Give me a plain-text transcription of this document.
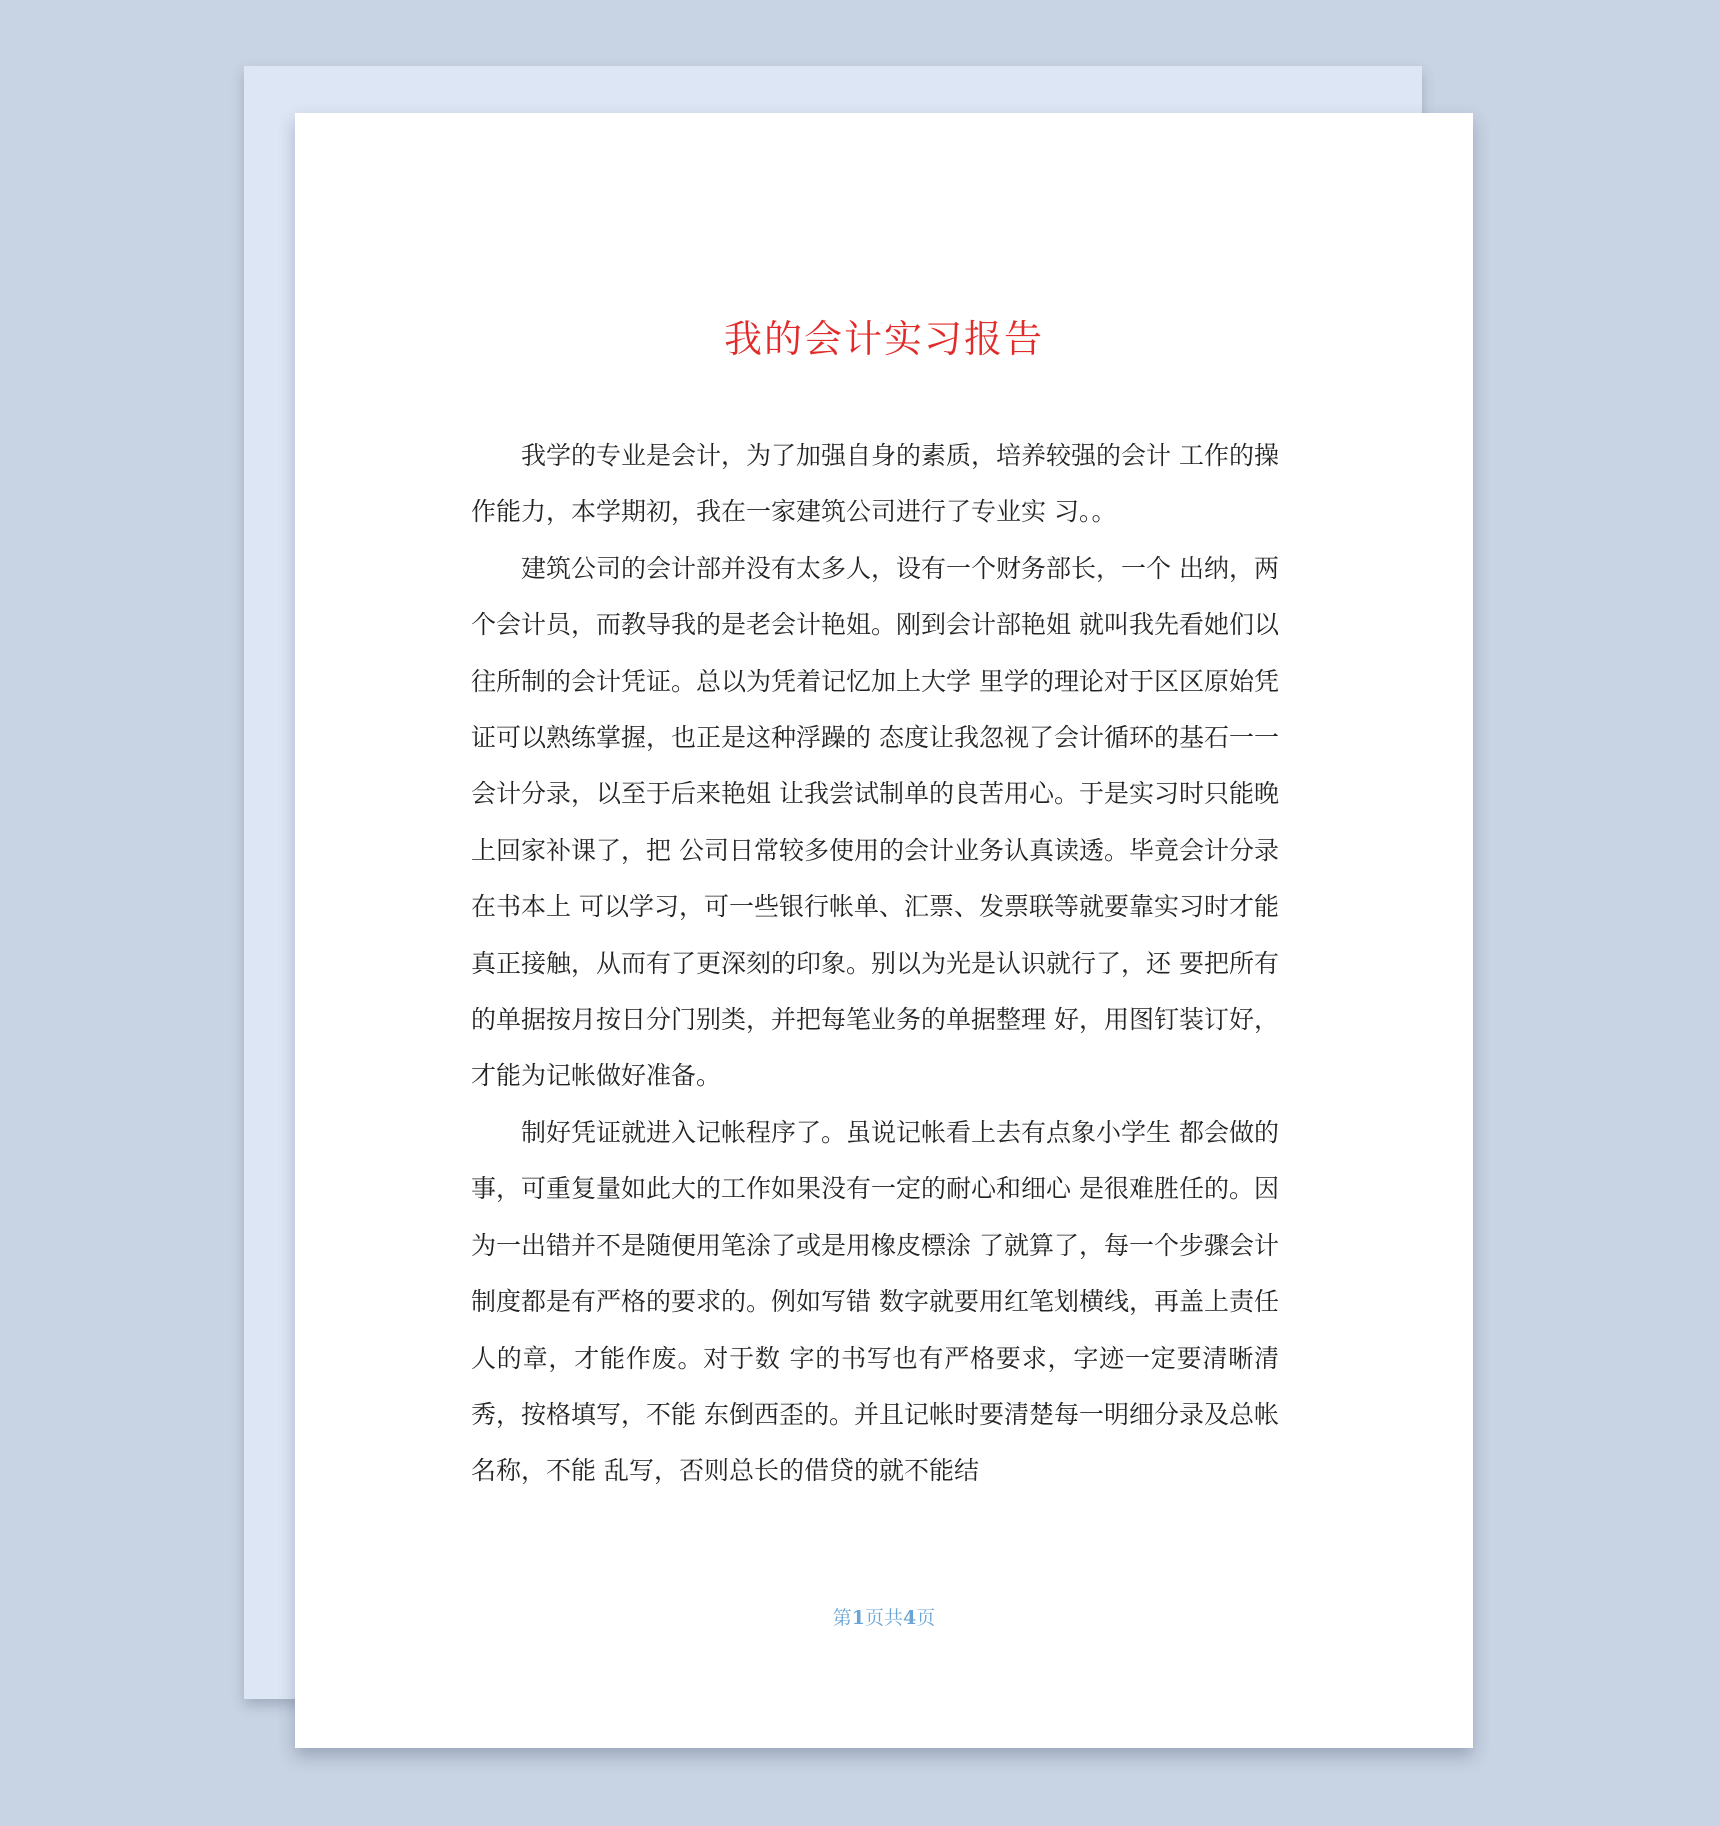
我的会计实习报告

我学的专业是会计，为了加强自身的素质，培养较强的会计 工作的操作能力，本学期初，我在一家建筑公司进行了专业实 习。。

建筑公司的会计部并没有太多人，设有一个财务部长，一个 出纳，两个会计员，而教导我的是老会计艳姐。刚到会计部艳姐 就叫我先看她们以往所制的会计凭证。总以为凭着记忆加上大学 里学的理论对于区区原始凭证可以熟练掌握，也正是这种浮躁的 态度让我忽视了会计循环的基石一一会计分录，以至于后来艳姐 让我尝试制单的良苦用心。于是实习时只能晚上回家补课了，把 公司日常较多使用的会计业务认真读透。毕竟会计分录在书本上 可以学习，可一些银行帐单、汇票、发票联等就要靠实习时才能 真正接触，从而有了更深刻的印象。别以为光是认识就行了，还 要把所有的单据按月按日分门别类，并把每笔业务的单据整理 好，用图钉装订好，才能为记帐做好准备。

制好凭证就进入记帐程序了。虽说记帐看上去有点象小学生 都会做的事，可重复量如此大的工作如果没有一定的耐心和细心 是很难胜任的。因为一出错并不是随便用笔涂了或是用橡皮標涂 了就算了，每一个步骤会计制度都是有严格的要求的。例如写错 数字就要用红笔划横线，再盖上责任人的章，才能作废。对于数 字的书写也有严格要求，字迹一定要清晰清秀，按格填写，不能 东倒西歪的。并且记帐时要清楚每一明细分录及总帐名称，不能 乱写，否则总长的借贷的就不能结

第1页共4页
